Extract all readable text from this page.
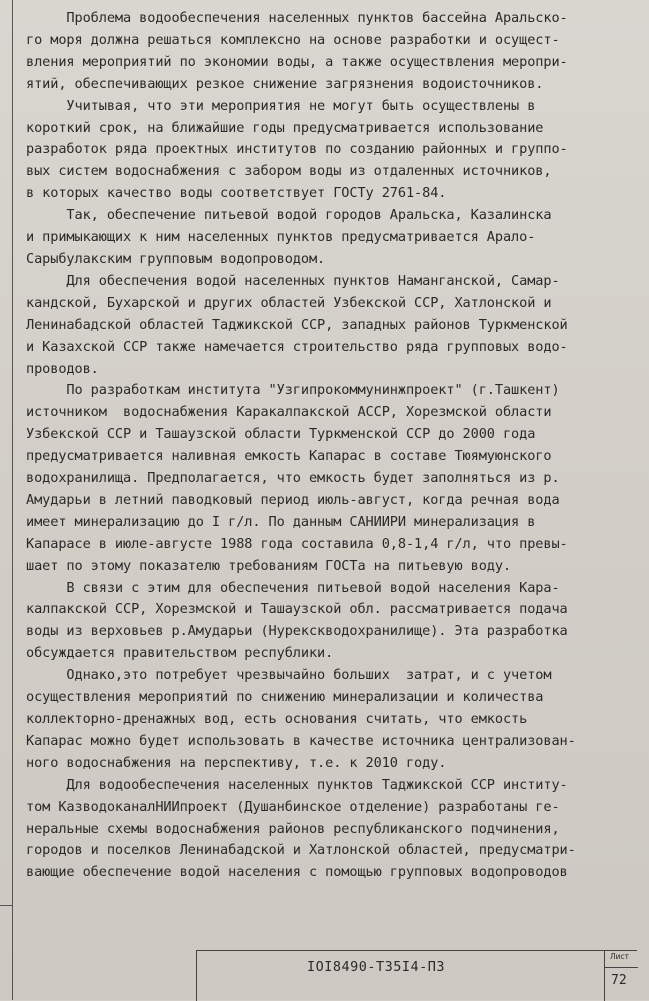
Проблема водообеспечения населенных пунктов бассейна Аральско-
го моря должна решаться комплексно на основе разработки и осущест-
вления мероприятий по экономии воды, а также осуществления меропри-
ятий, обеспечивающих резкое снижение загрязнения водоисточников.
Учитывая, что эти мероприятия не могут быть осуществлены в
короткий срок, на ближайшие годы предусматривается использование
разработок ряда проектных институтов по созданию районных и группо-
вых систем водоснабжения с забором воды из отдаленных источников,
в которых качество воды соответствует ГОСТу 2761-84.
Так, обеспечение питьевой водой городов Аральска, Казалинска
и примыкающих к ним населенных пунктов предусматривается Арало-
Сарыбулакским групповым водопроводом.
Для обеспечения водой населенных пунктов Наманганской, Самар-
кандской, Бухарской и других областей Узбекской ССР, Хатлонской и
Ленинабадской областей Таджикской ССР, западных районов Туркменской
и Казахской ССР также намечается строительство ряда групповых водо-
проводов.
По разработкам института "Узгипрокоммунинжпроект" (г.Ташкент)
источником  водоснабжения Каракалпакской АССР, Хорезмской области
Узбекской ССР и Ташаузской области Туркменской ССР до 2000 года
предусматривается наливная емкость Капарас в составе Тюямуюнского
водохранилища. Предполагается, что емкость будет заполняться из р.
Амударьи в летний паводковый период июль-август, когда речная вода
имеет минерализацию до I г/л. По данным САНИИРИ минерализация в
Капарасе в июле-августе 1988 года составила 0,8-1,4 г/л, что превы-
шает по этому показателю требованиям ГОСТа на питьевую воду.
В связи с этим для обеспечения питьевой водой населения Кара-
калпакской ССР, Хорезмской и Ташаузской обл. рассматривается подача
воды из верховьев р.Амударьи (Нурекскводохранилище). Эта разработка
обсуждается правительством республики.
Однако,это потребует чрезвычайно больших  затрат, и с учетом
осуществления мероприятий по снижению минерализации и количества
коллекторно-дренажных вод, есть основания считать, что емкость
Капарас можно будет использовать в качестве источника централизован-
ного водоснабжения на перспективу, т.е. к 2010 году.
Для водообеспечения населенных пунктов Таджикской ССР институ-
том КазводоканалНИИпроект (Душанбинское отделение) разработаны ге-
неральные схемы водоснабжения районов республиканского подчинения,
городов и поселков Ленинабадской и Хатлонской областей, предусматри-
вающие обеспечение водой населения с помощью групповых водопроводов
IOI8490-Т35I4-ПЗ
Лист
72
